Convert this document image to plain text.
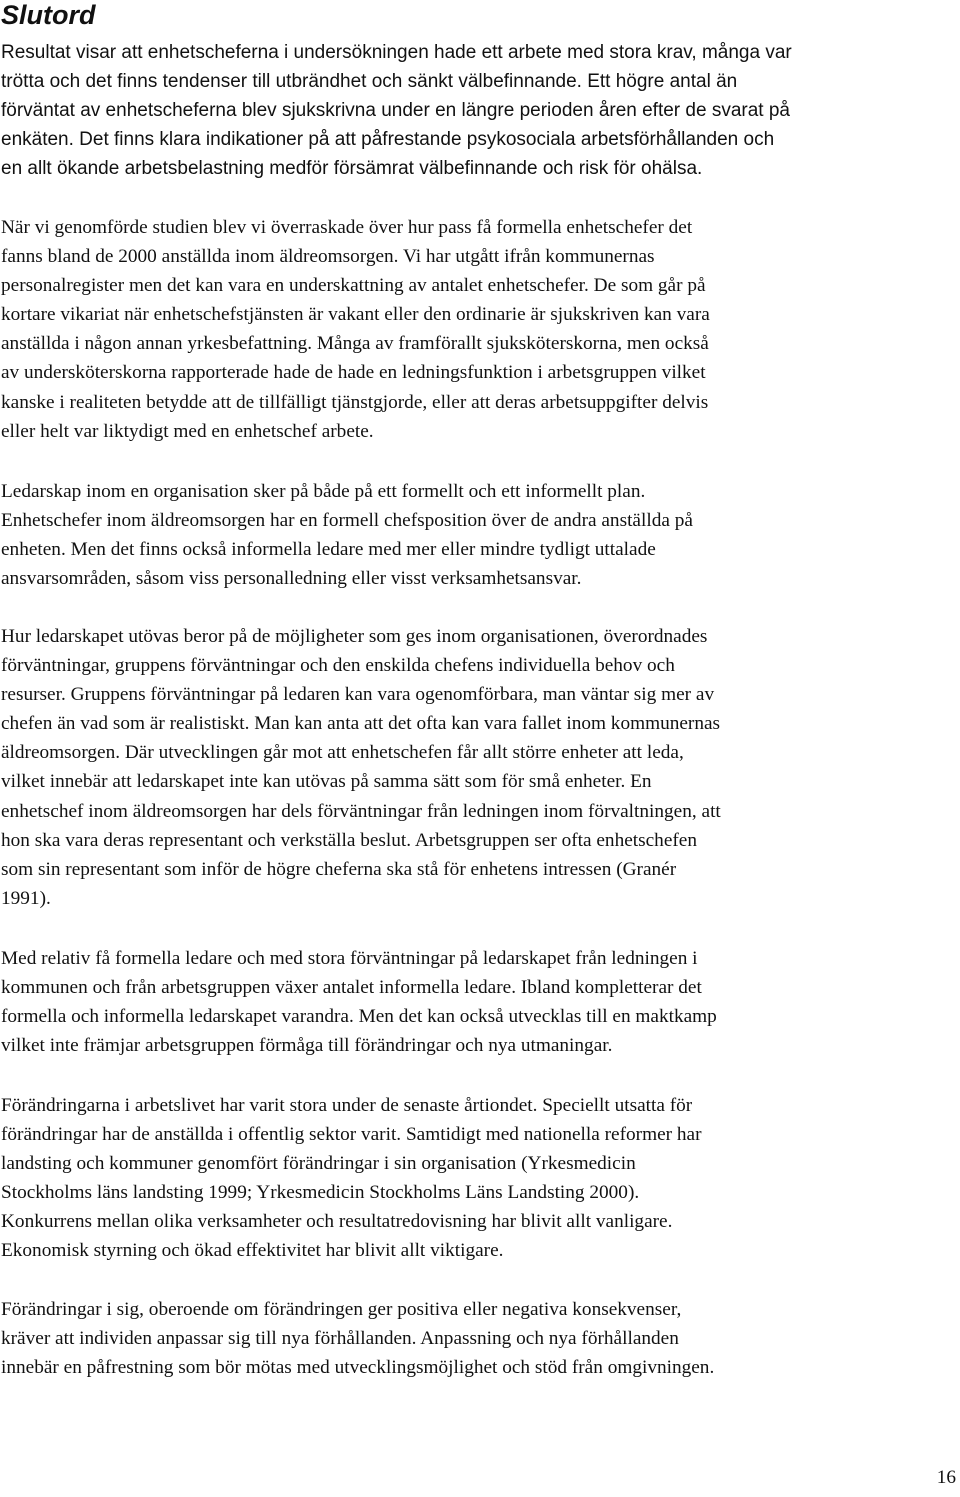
Slutord

Resultat visar att enhetscheferna i undersökningen hade ett arbete med stora krav, många var
trötta och det finns tendenser till utbrändhet och sänkt välbefinnande. Ett högre antal än
förväntat av enhetscheferna blev sjukskrivna under en längre perioden åren efter de svarat på
enkäten. Det finns klara indikationer på att påfrestande psykosociala arbetsförhållanden och
en allt ökande arbetsbelastning medför försämrat välbefinnande och risk för ohälsa.

När vi genomförde studien blev vi överraskade över hur pass få formella enhetschefer det
fanns bland de 2000 anställda inom äldreomsorgen. Vi har utgått ifrån kommunernas
personalregister men det kan vara en underskattning av antalet enhetschefer. De som går på
kortare vikariat när enhetschefstjänsten är vakant eller den ordinarie är sjukskriven kan vara
anställda i någon annan yrkesbefattning. Många av framförallt sjuksköterskorna, men också
av undersköterskorna rapporterade hade de hade en ledningsfunktion i arbetsgruppen vilket
kanske i realiteten betydde att de tillfälligt tjänstgjorde, eller att deras arbetsuppgifter delvis
eller helt var liktydigt med en enhetschef arbete.

Ledarskap inom en organisation sker på både på ett formellt och ett informellt plan.
Enhetschefer inom äldreomsorgen har en formell chefsposition över de andra anställda på
enheten. Men det finns också informella ledare med mer eller mindre tydligt uttalade
ansvarsområden, såsom viss personalledning eller visst verksamhetsansvar.

Hur ledarskapet utövas beror på de möjligheter som ges inom organisationen, överordnades
förväntningar, gruppens förväntningar och den enskilda chefens individuella behov och
resurser. Gruppens förväntningar på ledaren kan vara ogenomförbara, man väntar sig mer av
chefen än vad som är realistiskt. Man kan anta att det ofta kan vara fallet inom kommunernas
äldreomsorgen. Där utvecklingen går mot att enhetschefen får allt större enheter att leda,
vilket innebär att ledarskapet inte kan utövas på samma sätt som för små enheter. En
enhetschef inom äldreomsorgen har dels förväntningar från ledningen inom förvaltningen, att
hon ska vara deras representant och verkställa beslut. Arbetsgruppen ser ofta enhetschefen
som sin representant som inför de högre cheferna ska stå för enhetens intressen (Granér
1991).

Med relativ få formella ledare och med stora förväntningar på ledarskapet från ledningen i
kommunen och från arbetsgruppen växer antalet informella ledare. Ibland kompletterar det
formella och informella ledarskapet varandra. Men det kan också utvecklas till en maktkamp
vilket inte främjar arbetsgruppen förmåga till förändringar och nya utmaningar.

Förändringarna i arbetslivet har varit stora under de senaste årtiondet. Speciellt utsatta för
förändringar har de anställda i offentlig sektor varit. Samtidigt med nationella reformer har
landsting och kommuner genomfört förändringar i sin organisation (Yrkesmedicin
Stockholms läns landsting 1999; Yrkesmedicin Stockholms Läns Landsting 2000).
Konkurrens mellan olika verksamheter och resultatredovisning har blivit allt vanligare.
Ekonomisk styrning och ökad effektivitet har blivit allt viktigare.

Förändringar i sig, oberoende om förändringen ger positiva eller negativa konsekvenser,
kräver att individen anpassar sig till nya förhållanden. Anpassning och nya förhållanden
innebär en påfrestning som bör mötas med utvecklingsmöjlighet och stöd från omgivningen.

16
